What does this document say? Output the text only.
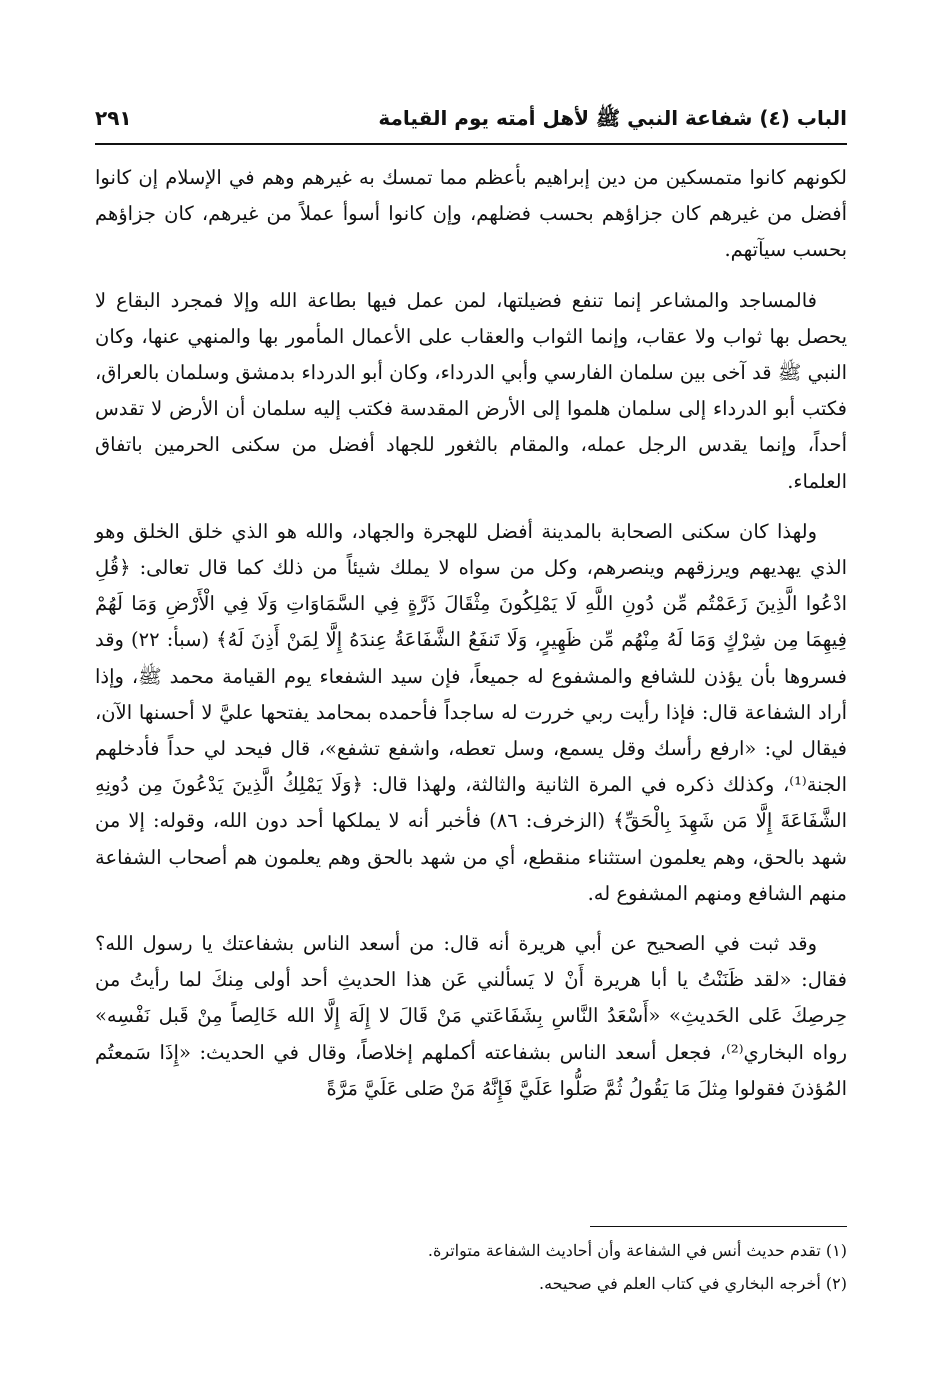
الباب (٤) شفاعة النبي ﷺ لأهل أمته يوم القيامة
٢٩١

لكونهم كانوا متمسكين من دين إبراهيم بأعظم مما تمسك به غيرهم وهم في الإسلام إن كانوا أفضل من غيرهم كان جزاؤهم بحسب فضلهم، وإن كانوا أسوأ عملاً من غيرهم، كان جزاؤهم بحسب سيآتهم.

فالمساجد والمشاعر إنما تنفع فضيلتها، لمن عمل فيها بطاعة الله وإلا فمجرد البقاع لا يحصل بها ثواب ولا عقاب، وإنما الثواب والعقاب على الأعمال المأمور بها والمنهي عنها، وكان النبي ﷺ قد آخى بين سلمان الفارسي وأبي الدرداء، وكان أبو الدرداء بدمشق وسلمان بالعراق، فكتب أبو الدرداء إلى سلمان هلموا إلى الأرض المقدسة فكتب إليه سلمان أن الأرض لا تقدس أحداً، وإنما يقدس الرجل عمله، والمقام بالثغور للجهاد أفضل من سكنى الحرمين باتفاق العلماء.

ولهذا كان سكنى الصحابة بالمدينة أفضل للهجرة والجهاد، والله هو الذي خلق الخلق وهو الذي يهديهم ويرزقهم وينصرهم، وكل من سواه لا يملك شيئاً من ذلك كما قال تعالى: ﴿قُلِ ادْعُوا الَّذِينَ زَعَمْتُم مِّن دُونِ اللَّهِ لَا يَمْلِكُونَ مِثْقَالَ ذَرَّةٍ فِي السَّمَاوَاتِ وَلَا فِي الْأَرْضِ وَمَا لَهُمْ فِيهِمَا مِن شِرْكٍ وَمَا لَهُ مِنْهُم مِّن ظَهِيرٍ، وَلَا تَنفَعُ الشَّفَاعَةُ عِندَهُ إِلَّا لِمَنْ أَذِنَ لَهُ﴾ (سبأ: ٢٢) وقد فسروها بأن يؤذن للشافع والمشفوع له جميعاً، فإن سيد الشفعاء يوم القيامة محمد ﷺ، وإذا أراد الشفاعة قال: فإذا رأيت ربي خررت له ساجداً فأحمده بمحامد يفتحها عليَّ لا أحسنها الآن، فيقال لي: «ارفع رأسك وقل يسمع، وسل تعطه، واشفع تشفع»، قال فيحد لي حداً فأدخلهم الجنة⁽¹⁾، وكذلك ذكره في المرة الثانية والثالثة، ولهذا قال: ﴿وَلَا يَمْلِكُ الَّذِينَ يَدْعُونَ مِن دُونِهِ الشَّفَاعَةَ إِلَّا مَن شَهِدَ بِالْحَقِّ﴾ (الزخرف: ٨٦) فأخبر أنه لا يملكها أحد دون الله، وقوله: إلا من شهد بالحق، وهم يعلمون استثناء منقطع، أي من شهد بالحق وهم يعلمون هم أصحاب الشفاعة منهم الشافع ومنهم المشفوع له.

وقد ثبت في الصحيح عن أبي هريرة أنه قال: من أسعد الناس بشفاعتك يا رسول الله؟ فقال: «لقد ظَنَنْتُ يا أبا هريرة أَنْ لا يَسألني عَن هذا الحديثِ أحد أولى مِنكَ لما رأيتُ من حِرصِكَ عَلى الحَديثِ» «أَسْعَدُ النَّاسِ بِشَفَاعَتي مَنْ قَالَ لا إِلَهَ إِلَّا الله خَالِصاً مِنْ قَبل نَفْسِه» رواه البخاري⁽²⁾، فجعل أسعد الناس بشفاعته أكملهم إخلاصاً، وقال في الحديث: «إِذَا سَمعتُم المُؤذنَ فقولوا مِثلَ مَا يَقُولُ ثُمَّ صَلُّوا عَلَيَّ فَإِنَّهُ مَنْ صَلى عَلَيَّ مَرَّةً

(١) تقدم حديث أنس في الشفاعة وأن أحاديث الشفاعة متواترة.

(٢) أخرجه البخاري في كتاب العلم في صحيحه.
